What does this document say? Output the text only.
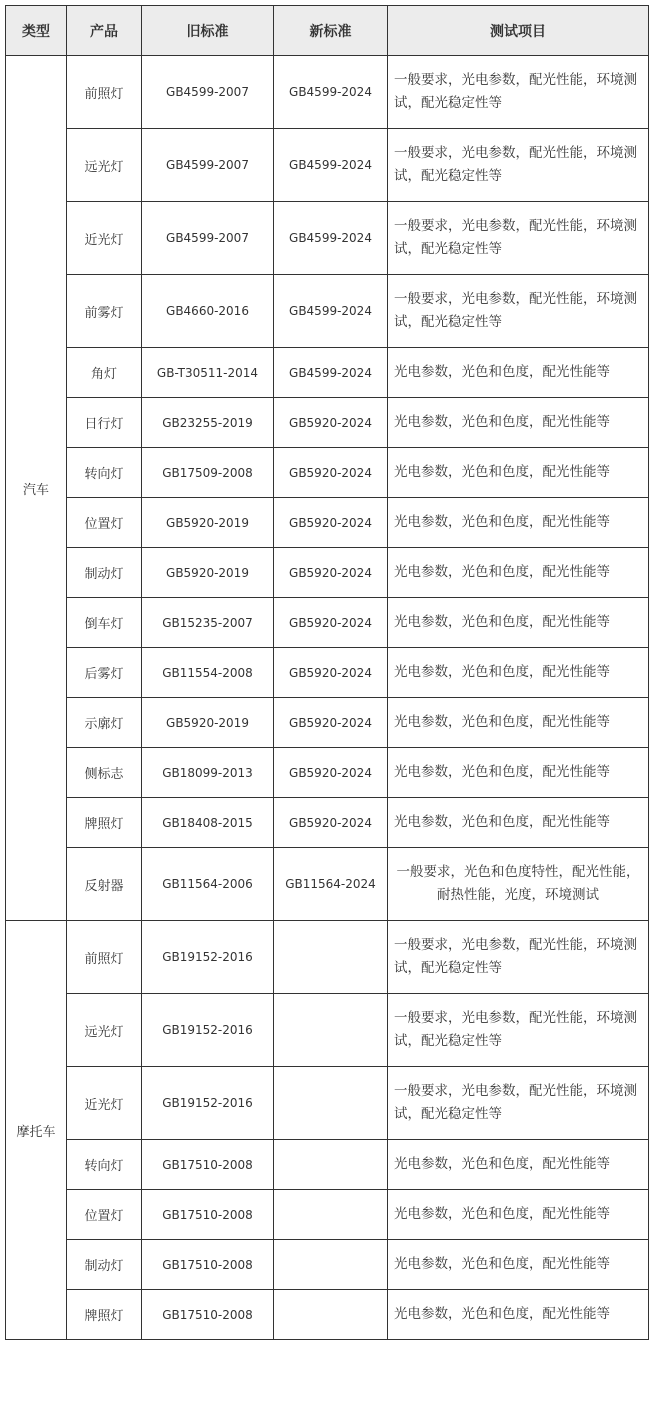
类型	产品	旧标准	新标准	测试项目
汽车	前照灯	GB4599-2007	GB4599-2024	一般要求，光电参数，配光性能，环境测试，配光稳定性等
	远光灯	GB4599-2007	GB4599-2024	一般要求，光电参数，配光性能，环境测试，配光稳定性等
	近光灯	GB4599-2007	GB4599-2024	一般要求，光电参数，配光性能，环境测试，配光稳定性等
	前雾灯	GB4660-2016	GB4599-2024	一般要求，光电参数，配光性能，环境测试，配光稳定性等
	角灯	GB-T30511-2014	GB4599-2024	光电参数，光色和色度，配光性能等
	日行灯	GB23255-2019	GB5920-2024	光电参数，光色和色度，配光性能等
	转向灯	GB17509-2008	GB5920-2024	光电参数，光色和色度，配光性能等
	位置灯	GB5920-2019	GB5920-2024	光电参数，光色和色度，配光性能等
	制动灯	GB5920-2019	GB5920-2024	光电参数，光色和色度，配光性能等
	倒车灯	GB15235-2007	GB5920-2024	光电参数，光色和色度，配光性能等
	后雾灯	GB11554-2008	GB5920-2024	光电参数，光色和色度，配光性能等
	示廓灯	GB5920-2019	GB5920-2024	光电参数，光色和色度，配光性能等
	侧标志	GB18099-2013	GB5920-2024	光电参数，光色和色度，配光性能等
	牌照灯	GB18408-2015	GB5920-2024	光电参数，光色和色度，配光性能等
	反射器	GB11564-2006	GB11564-2024	一般要求，光色和色度特性，配光性能，耐热性能，光度，环境测试
摩托车	前照灯	GB19152-2016		一般要求，光电参数，配光性能，环境测试，配光稳定性等
	远光灯	GB19152-2016		一般要求，光电参数，配光性能，环境测试，配光稳定性等
	近光灯	GB19152-2016		一般要求，光电参数，配光性能，环境测试，配光稳定性等
	转向灯	GB17510-2008		光电参数，光色和色度，配光性能等
	位置灯	GB17510-2008		光电参数，光色和色度，配光性能等
	制动灯	GB17510-2008		光电参数，光色和色度，配光性能等
	牌照灯	GB17510-2008		光电参数，光色和色度，配光性能等
